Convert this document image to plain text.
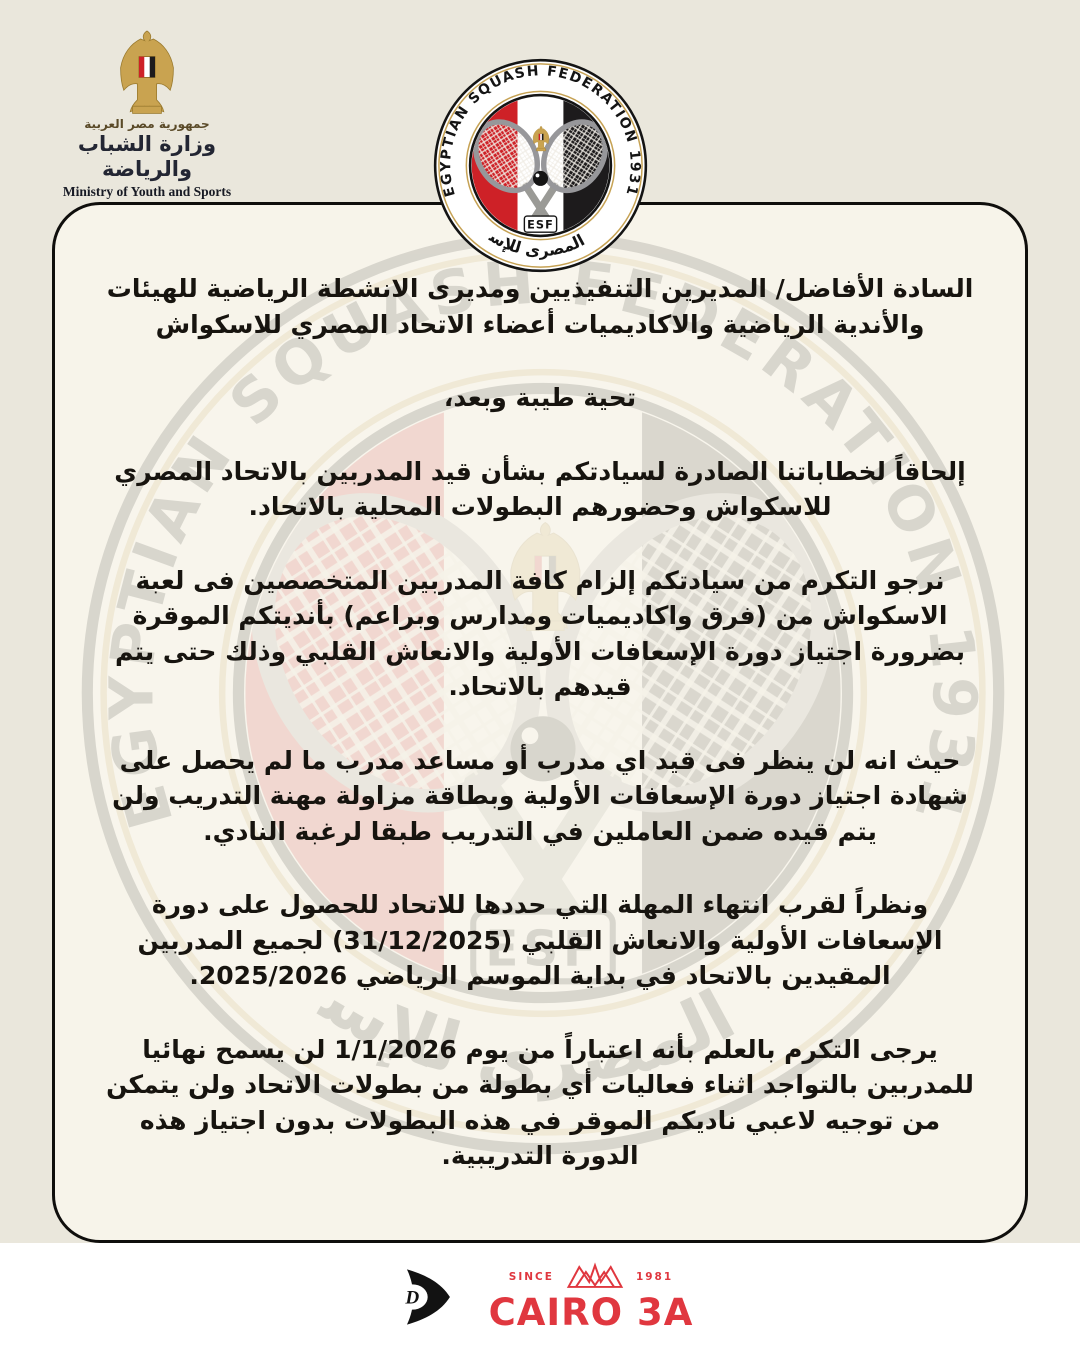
جمهورية مصر العربية
وزارة الشباب والرياضة
Ministry of Youth and Sports
السادة الأفاضل/ المديرين التنفيذيين ومديرى الانشطة الرياضية للهيئات والأندية الرياضية والاكاديميات أعضاء الاتحاد المصري للاسكواش

تحية طيبة وبعد،

إلحاقاً لخطاباتنا الصادرة لسيادتكم بشأن قيد المدربين بالاتحاد المصري للاسكواش وحضورهم البطولات المحلية بالاتحاد.

نرجو التكرم من سيادتكم إلزام كافة المدربين المتخصصين فى لعبة الاسكواش من (فرق واكاديميات ومدارس وبراعم) بأنديتكم الموقرة بضرورة اجتياز دورة الإسعافات الأولية والانعاش القلبي وذلك حتى يتم قيدهم بالاتحاد.

حيث انه لن ينظر فى قيد اي مدرب أو مساعد مدرب ما لم يحصل على شهادة اجتياز دورة الإسعافات الأولية وبطاقة مزاولة مهنة التدريب ولن يتم قيده ضمن العاملين في التدريب طبقا لرغبة النادي.

ونظراً لقرب انتهاء المهلة التي حددها للاتحاد للحصول على دورة الإسعافات الأولية والانعاش القلبي (31/12/2025) لجميع المدربين المقيدين بالاتحاد في بداية الموسم الرياضي 2025/2026.

يرجى التكرم بالعلم بأنه اعتباراً من يوم 1/1/2026 لن يسمح نهائيا للمدربين بالتواجد اثناء فعاليات أي بطولة من بطولات الاتحاد ولن يتمكن من توجيه لاعبي ناديكم الموقر في هذه البطولات بدون اجتياز هذه الدورة التدريبية.

D
SINCE	1981
CAIRO 3A
